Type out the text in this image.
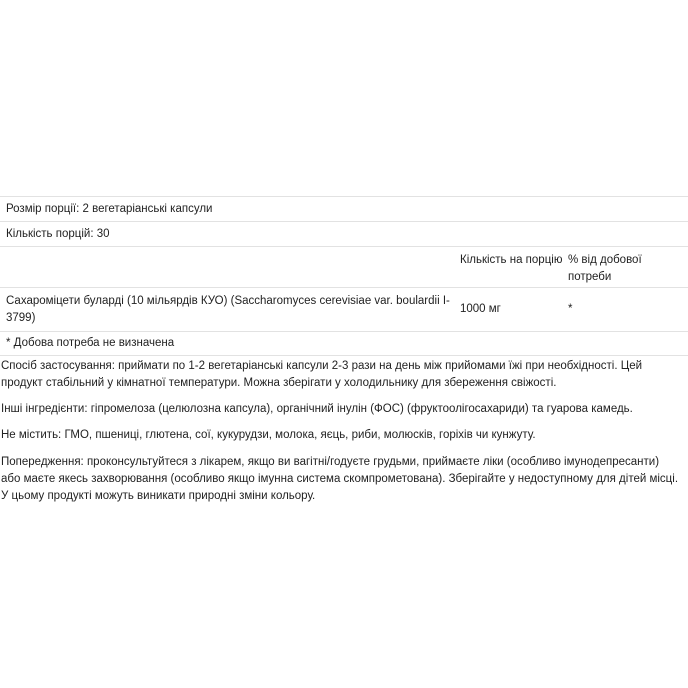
Розмір порції: 2 вегетаріанські капсули
Кількість порцій: 30
Кількість на порцію % від добової потреби
Сахароміцети буларді (10 мільярдів КУО) (Saccharomyces cerevisiae var. boulardii I-3799)
1000 мг	*
* Добова потреба не визначена

Спосіб застосування: приймати по 1-2 вегетаріанські капсули 2-3 рази на день між прийомами їжі при необхідності. Цей продукт стабільний у кімнатної температури. Можна зберігати у холодильнику для збереження свіжості.

Інші інгредієнти: гіпромелоза (целюлозна капсула), органічний інулін (ФОС) (фруктоолігосахариди) та гуарова камедь.

Не містить: ГМО, пшениці, глютена, сої, кукурудзи, молока, яєць, риби, молюсків, горіхів чи кунжуту.

Попередження: проконсультуйтеся з лікарем, якщо ви вагітні/годуєте грудьми, приймаєте ліки (особливо імунодепресанти) або маєте якесь захворювання (особливо якщо імунна система скомпрометована). Зберігайте у недоступному для дітей місці. У цьому продукті можуть виникати природні зміни кольору.
